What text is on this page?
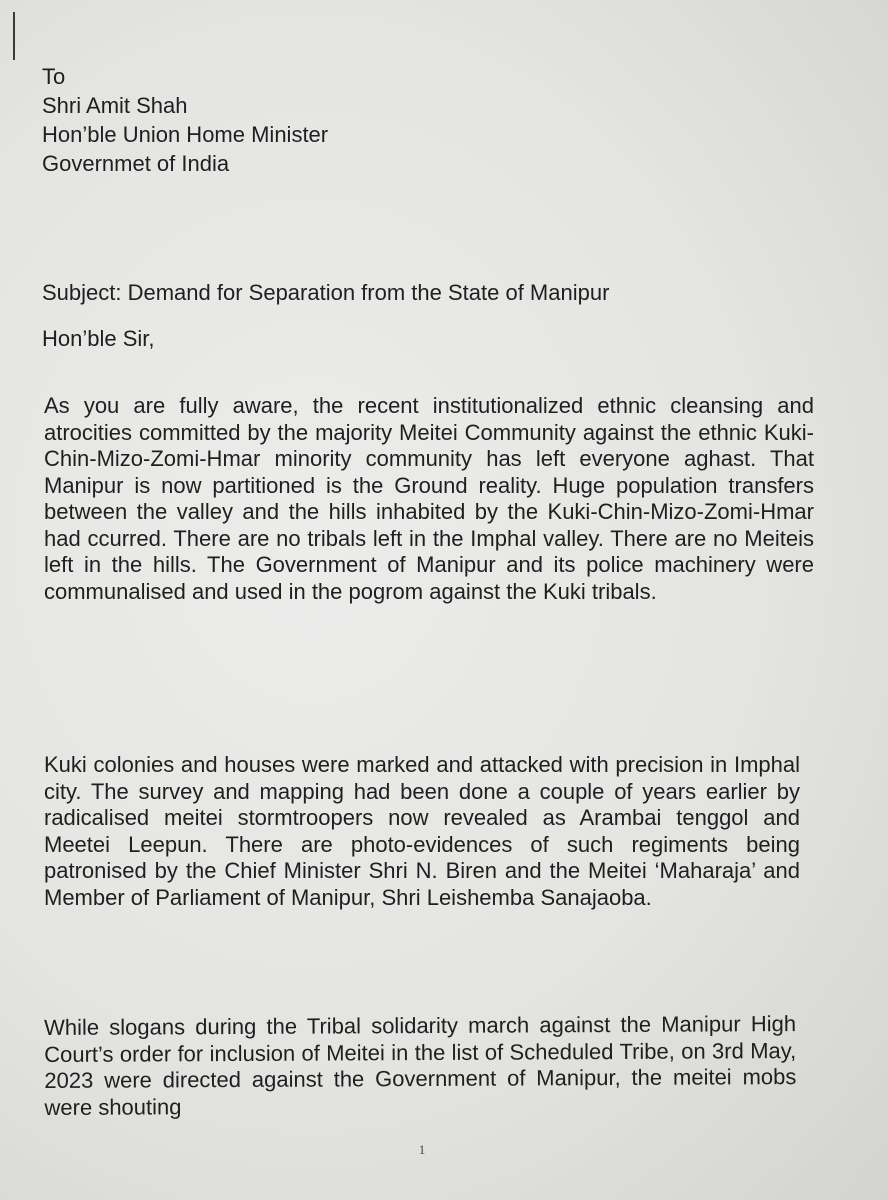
To
Shri Amit Shah
Hon’ble Union Home Minister
Governmet of India
Subject: Demand for Separation from the State of Manipur
Hon’ble Sir,

As you are fully aware, the recent institutionalized ethnic cleansing and atrocities committed by the majority Meitei Community against the ethnic Kuki-Chin-Mizo-Zomi-Hmar minority community has left everyone aghast. That Manipur is now partitioned is the Ground reality. Huge population transfers between the valley and the hills inhabited by the Kuki-Chin-Mizo-Zomi-Hmar had ccurred. There are no tribals left in the Imphal valley. There are no Meiteis left in the hills. The Government of Manipur and its police machinery were communalised and used in the pogrom against the Kuki tribals.

Kuki colonies and houses were marked and attacked with precision in Imphal city. The survey and mapping had been done a couple of years earlier by radicalised meitei stormtroopers now revealed as Arambai tenggol and Meetei Leepun. There are photo-evidences of such regiments being patronised by the Chief Minister Shri N. Biren and the Meitei ‘Maharaja’ and Member of Parliament of Manipur, Shri Leishemba Sanajaoba.

While slogans during the Tribal solidarity march against the Manipur High Court’s order for inclusion of Meitei in the list of Scheduled Tribe, on 3rd May, 2023 were directed against the Government of Manipur, the meitei mobs were shouting

1
